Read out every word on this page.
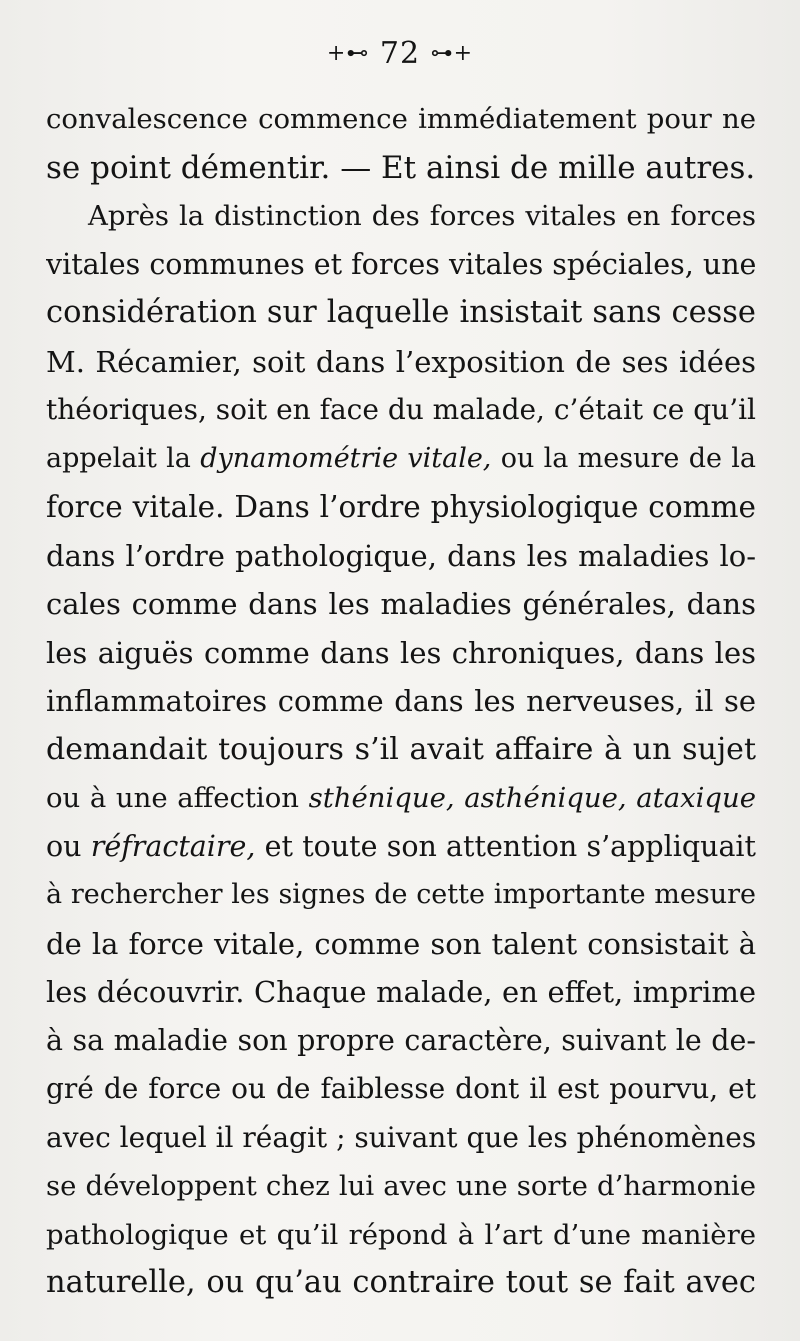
+⊷ 72 ⊶+
convalescence commence immédiatement pour ne
se point démentir. — Et ainsi de mille autres.
Après la distinction des forces vitales en forces
vitales communes et forces vitales spéciales, une
considération sur laquelle insistait sans cesse
M. Récamier, soit dans l’exposition de ses idées
théoriques, soit en face du malade, c’était ce qu’il
appelait la dynamométrie vitale, ou la mesure de la
force vitale. Dans l’ordre physiologique comme
dans l’ordre pathologique, dans les maladies lo-
cales comme dans les maladies générales, dans
les aiguës comme dans les chroniques, dans les
inflammatoires comme dans les nerveuses, il se
demandait toujours s’il avait affaire à un sujet
ou à une affection sthénique, asthénique, ataxique
ou réfractaire, et toute son attention s’appliquait
à rechercher les signes de cette importante mesure
de la force vitale, comme son talent consistait à
les découvrir. Chaque malade, en effet, imprime
à sa maladie son propre caractère, suivant le de-
gré de force ou de faiblesse dont il est pourvu, et
avec lequel il réagit ; suivant que les phénomènes
se développent chez lui avec une sorte d’harmonie
pathologique et qu’il répond à l’art d’une manière
naturelle, ou qu’au contraire tout se fait avec
